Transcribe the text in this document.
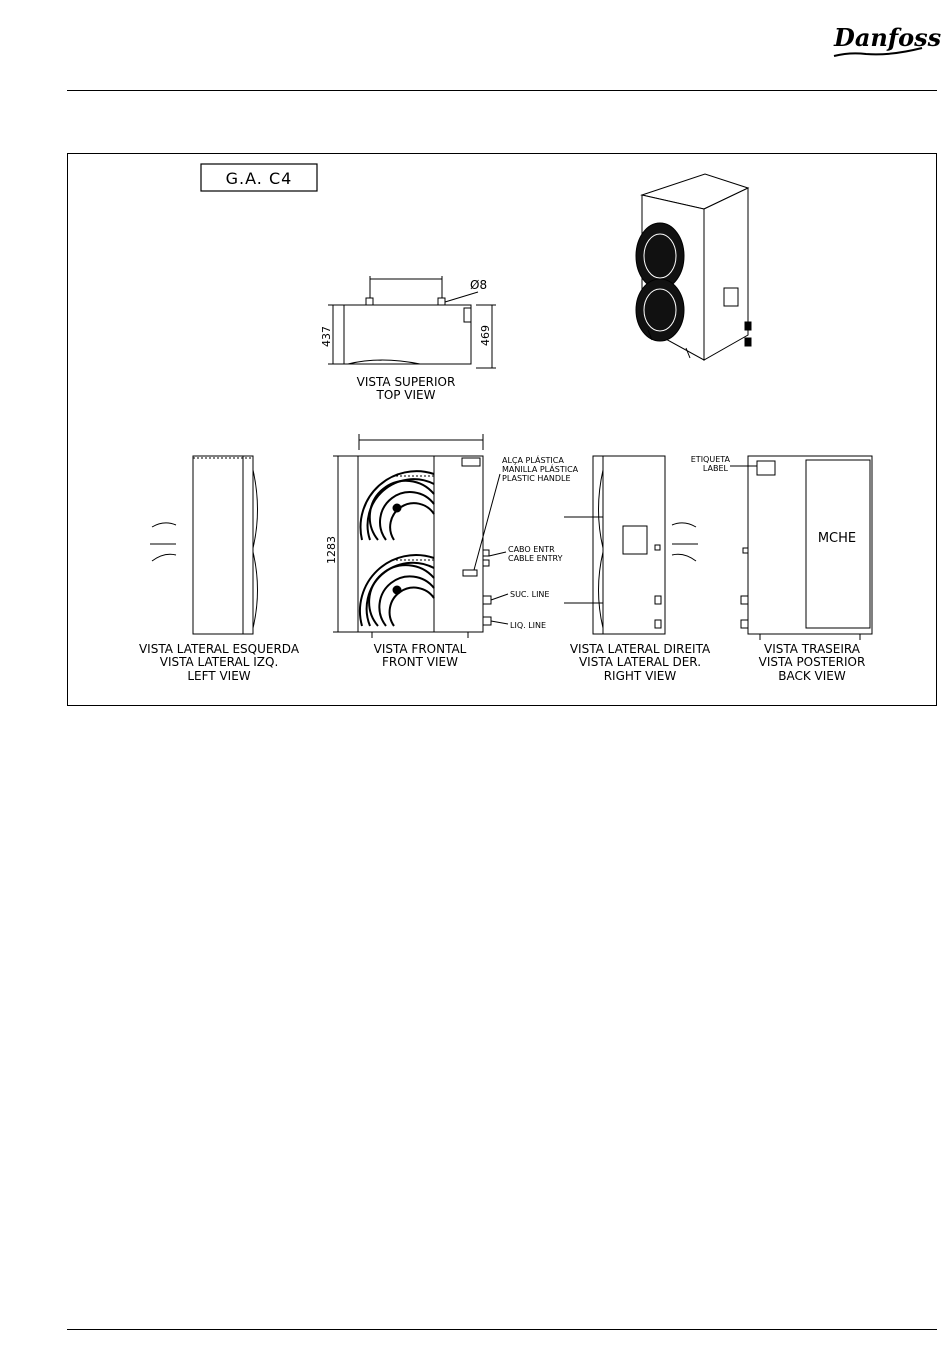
Danfoss
G.A. C4
Ø8
437	469
VISTA SUPERIOR
TOP VIEW
VISTA LATERAL ESQUERDA
VISTA LATERAL IZQ.
LEFT VIEW
1283
ALÇA PLÁSTICA
MANILLA PLÁSTICA
PLASTIC HANDLE
CABO ENTR
CABLE ENTRY
SUC. LINE
LIQ. LINE
VISTA FRONTAL
FRONT VIEW
VISTA LATERAL DIREITA
VISTA LATERAL DER.
RIGHT VIEW
ETIQUETA
LABEL
MCHE
VISTA TRASEIRA
VISTA POSTERIOR
BACK VIEW
